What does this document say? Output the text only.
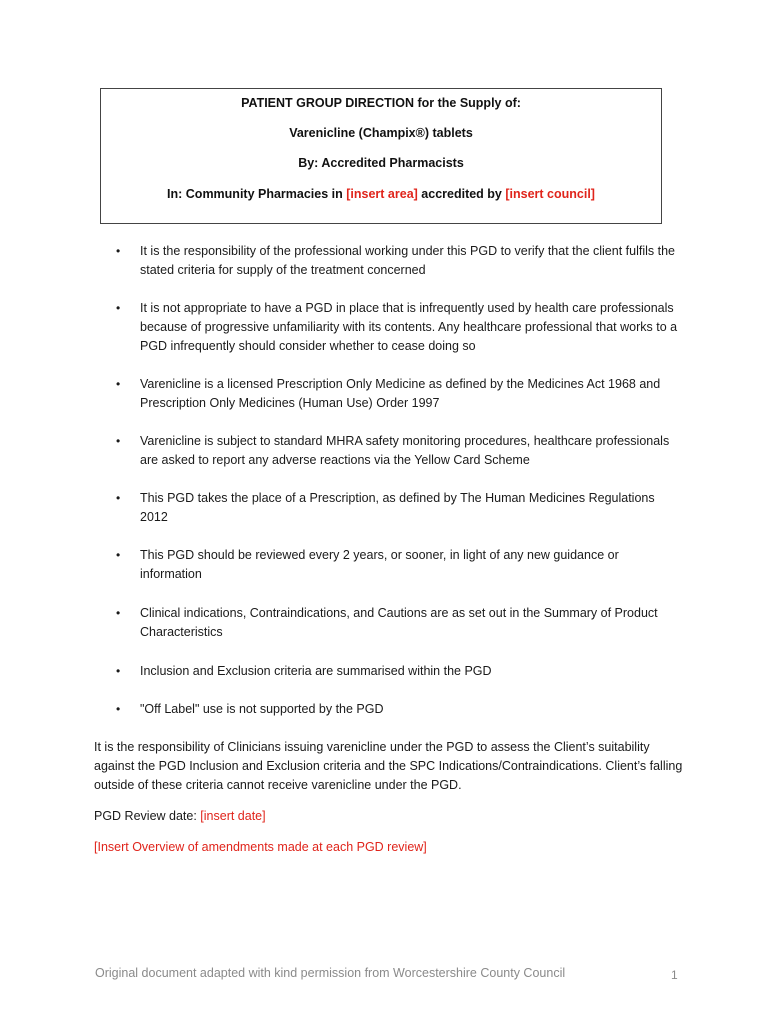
PATIENT GROUP DIRECTION for the Supply of:
Varenicline (Champix®) tablets
By: Accredited Pharmacists
In: Community Pharmacies in [insert area] accredited by [insert council]
• It is the responsibility of the professional working under this PGD to verify that the client fulfils the stated criteria for supply of the treatment concerned
• It is not appropriate to have a PGD in place that is infrequently used by health care professionals because of progressive unfamiliarity with its contents. Any healthcare professional that works to a PGD infrequently should consider whether to cease doing so
• Varenicline is a licensed Prescription Only Medicine as defined by the Medicines Act 1968 and Prescription Only Medicines (Human Use) Order 1997
• Varenicline is subject to standard MHRA safety monitoring procedures, healthcare professionals are asked to report any adverse reactions via the Yellow Card Scheme
• This PGD takes the place of a Prescription, as defined by The Human Medicines Regulations 2012
• This PGD should be reviewed every 2 years, or sooner, in light of any new guidance or information
• Clinical indications, Contraindications, and Cautions are as set out in the Summary of Product Characteristics
• Inclusion and Exclusion criteria are summarised within the PGD
• "Off Label" use is not supported by the PGD
It is the responsibility of Clinicians issuing varenicline under the PGD to assess the Client’s suitability against the PGD Inclusion and Exclusion criteria and the SPC Indications/Contraindications. Client’s falling outside of these criteria cannot receive varenicline under the PGD.
PGD Review date: [insert date]
[Insert Overview of amendments made at each PGD review]
Original document adapted with kind permission from Worcestershire County Council	1
